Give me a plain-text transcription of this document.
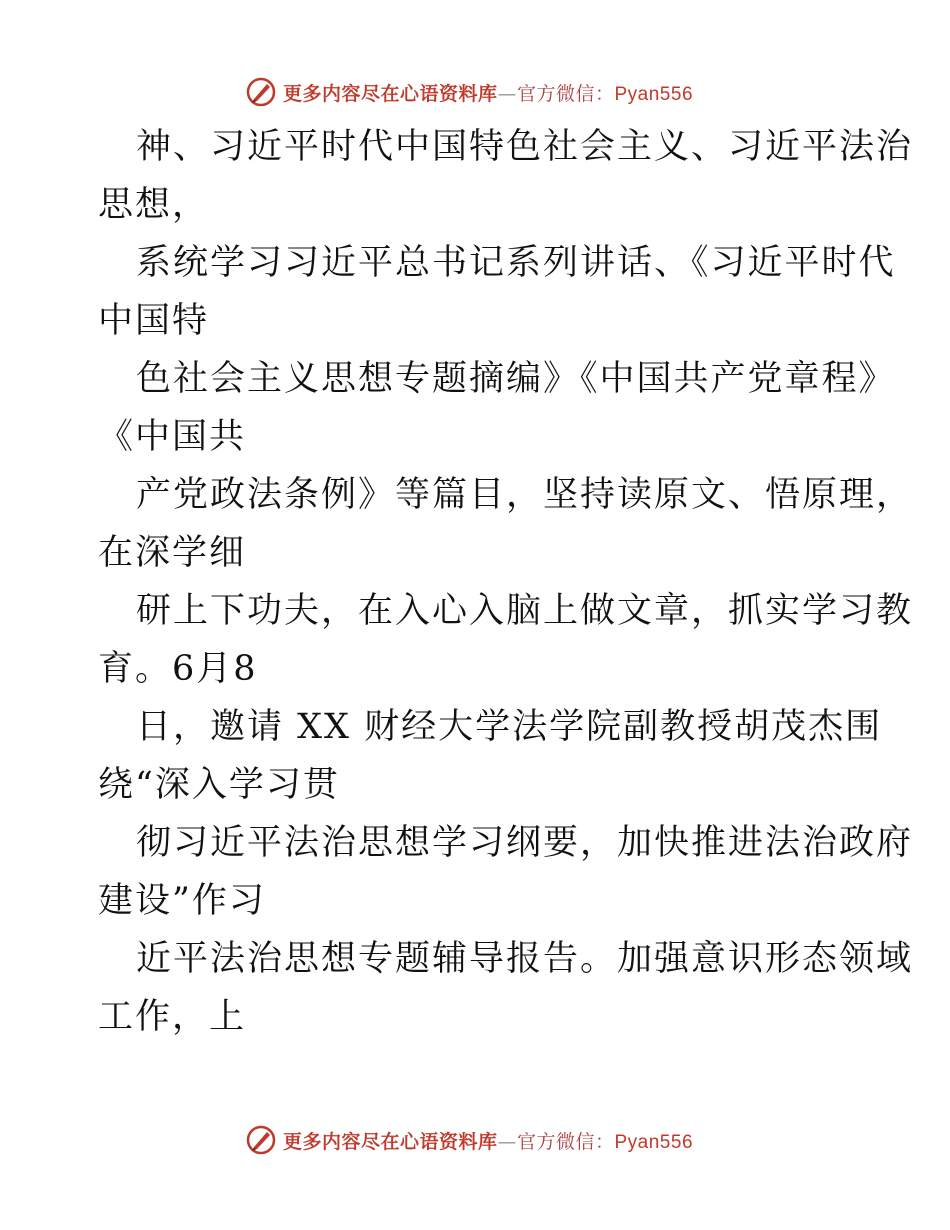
更多内容尽在心语资料库—官方微信：Pyan556
神、习近平时代中国特色社会主义、习近平法治
思想，
系统学习习近平总书记系列讲话、《习近平时代
中国特
色社会主义思想专题摘编》《中国共产党章程》
《中国共
产党政法条例》等篇目，坚持读原文、悟原理，
在深学细
研上下功夫，在入心入脑上做文章，抓实学习教
育。6月8
日，邀请 XX 财经大学法学院副教授胡茂杰围
绕“深入学习贯
彻习近平法治思想学习纲要，加快推进法治政府
建设”作习
近平法治思想专题辅导报告。加强意识形态领域
工作，上
更多内容尽在心语资料库—官方微信：Pyan556
